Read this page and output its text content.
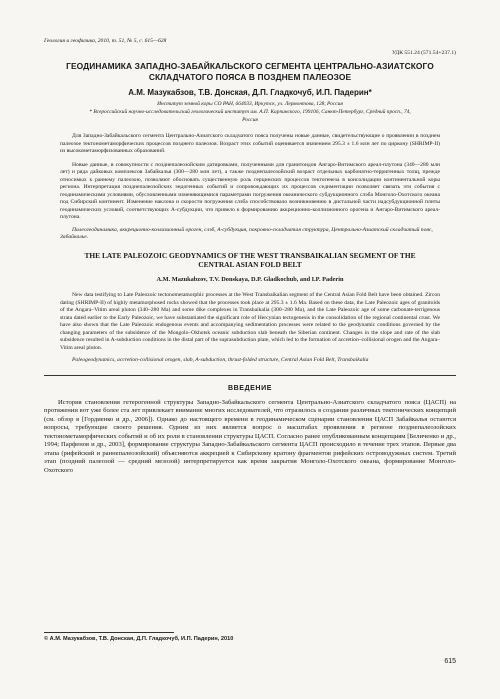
Геология и геофизика, 2010, т. 51, № 5, с. 615—628

УДК 551.24 (571.54+237.1)

ГЕОДИНАМИКА ЗАПАДНО-ЗАБАЙКАЛЬСКОГО СЕГМЕНТА ЦЕНТРАЛЬНО-АЗИАТСКОГО СКЛАДЧАТОГО ПОЯСА В ПОЗДНЕМ ПАЛЕОЗОЕ

А.М. Мазукабзов, Т.В. Донская, Д.П. Гладкочуб, И.П. Падерин*

Институт земной коры СО РАН, 664033, Иркутск, ул. Лермонтова, 128, Россия

* Всероссийский научно-исследовательский геологический институт им. А.П. Карпинского, 199106, Санкт-Петербург, Средний просп., 74, Россия

Для Западно-Забайкальского сегмента Центрально-Азиатского складчатого пояса получены новые данные, свидетельствующие о проявлении в позднем палеозое тектонометаморфических процессов позднего палеозоя. Возраст этих событий оценивается значением 295.3 ± 1.6 млн лет по циркону (SHRIMP-II) из высокометаморфизованных образований.

Новые данные, в совокупности с позднепалеозойским датировками, полученными для гранитоидов Ангаро-Витимского ареал-плутона (340—280 млн лет) и ряда дайковых комплексов Забайкалья (300—280 млн лет), а также позднепалеозойский возраст отдельных карбонатно-терригенных толщ, прежде относимых к раннему палеозою, позволяют обосновать существенную роль герцинских процессов тектогенеза в консолидации континентальной коры региона. Интерпретация позднепалеозойских эндогенных событий и сопровождающих их процессов седиментации позволяет связать эти события с геодинамическими условиями, обусловленными изменяющимися параметрами погружения океанического субдукционного слэба Монголо-Охотского океана под Сибирский континент. Изменение наклона и скорости погружения слэба способствовало возникновению в дистальной части надсубдукционной плиты геодинамических условий, соответствующих A-субдукции, что привело к формированию аккреционно-коллизионного орогена и Ангаро-Витимского ареал-плутона.

Палеогеодинамика, аккреционно-коллизионный ороген, слэб, A-субдукция, покровно-складчатая структура, Центрально-Азиатский складчатый пояс, Забайкалье.

THE LATE PALEOZOIC GEODYNAMICS OF THE WEST TRANSBAIKALIAN SEGMENT OF THE CENTRAL ASIAN FOLD BELT

A.M. Mazukabzov, T.V. Donskaya, D.P. Gladkochub, and I.P. Paderin

New data testifying to Late Paleozoic tectonometamorphic processes at the West Transbaikalian segment of the Central Asian Fold Belt have been obtained. Zircon dating (SHRIMP-II) of highly metamorphosed rocks showed that the processes took place at 295.3 ± 1.6 Ma. Based on these data, the Late Paleozoic ages of granitoids of the Angara–Vitim areal pluton (340–280 Ma) and some dike complexes in Transbaikalia (300–280 Ma), and the Late Paleozoic age of some carbonate-terrigenous strata dated earlier to the Early Paleozoic, we have substantiated the significant role of Hercynian tectogenesis in the consolidation of the regional continental crust. We have also shown that the Late Paleozoic endogenous events and accompanying sedimentation processes were related to the geodynamic conditions governed by the changing parameters of the subsidence of the Mongolo–Okhotsk oceanic subduction slab beneath the Siberian continent. Changes in the slope and rate of the slab subsidence resulted in A-subduction conditions in the distal part of the suprasubduction plate, which led to the formation of accretion–collisional orogen and the Angara–Vitim areal pluton.

Paleogeodynamics, accretion-collisional orogen, slab, A-subduction, thrust-folded structure, Central Asian Fold Belt, Transbaikalia

ВВЕДЕНИЕ

История становления гетерогенной структуры Западно-Забайкальского сегмента Центрально-Азиатского складчатого пояса (ЦАСП) на протяжении вот уже более ста лет привлекает внимание многих исследователей, что отразилось в создании различных тектонических концепций (см. обзор в [Гордиенко и др., 2006]). Однако до настоящего времени в геодинамическом сценарии становления ЦАСП Забайкалья остаются вопросы, требующие своего решения. Одним из них является вопрос о масштабах проявления в регионе позднепалеозойских тектонометаморфических событий и об их роли в становлении структуры ЦАСП. Согласно ранее опубликованным концепциям [Беличенко и др., 1994; Парфенов и др., 2003], формирование структуры Западно-Забайкальского сегмента ЦАСП происходило в течение трех этапов. Первые два этапа (рифейский и раннепалеозойский) объясняются аккрецией к Сибирскому кратону фрагментов рифейских островодужных систем. Третий этап (поздний палеозой — средний мезозой) интерпретируется как время закрытия Монголо-Охотского океана, формирование Монголо-Охотского

© А.М. Мазукабзов, Т.В. Донская, Д.П. Гладкочуб, И.П. Падерин, 2010

615
